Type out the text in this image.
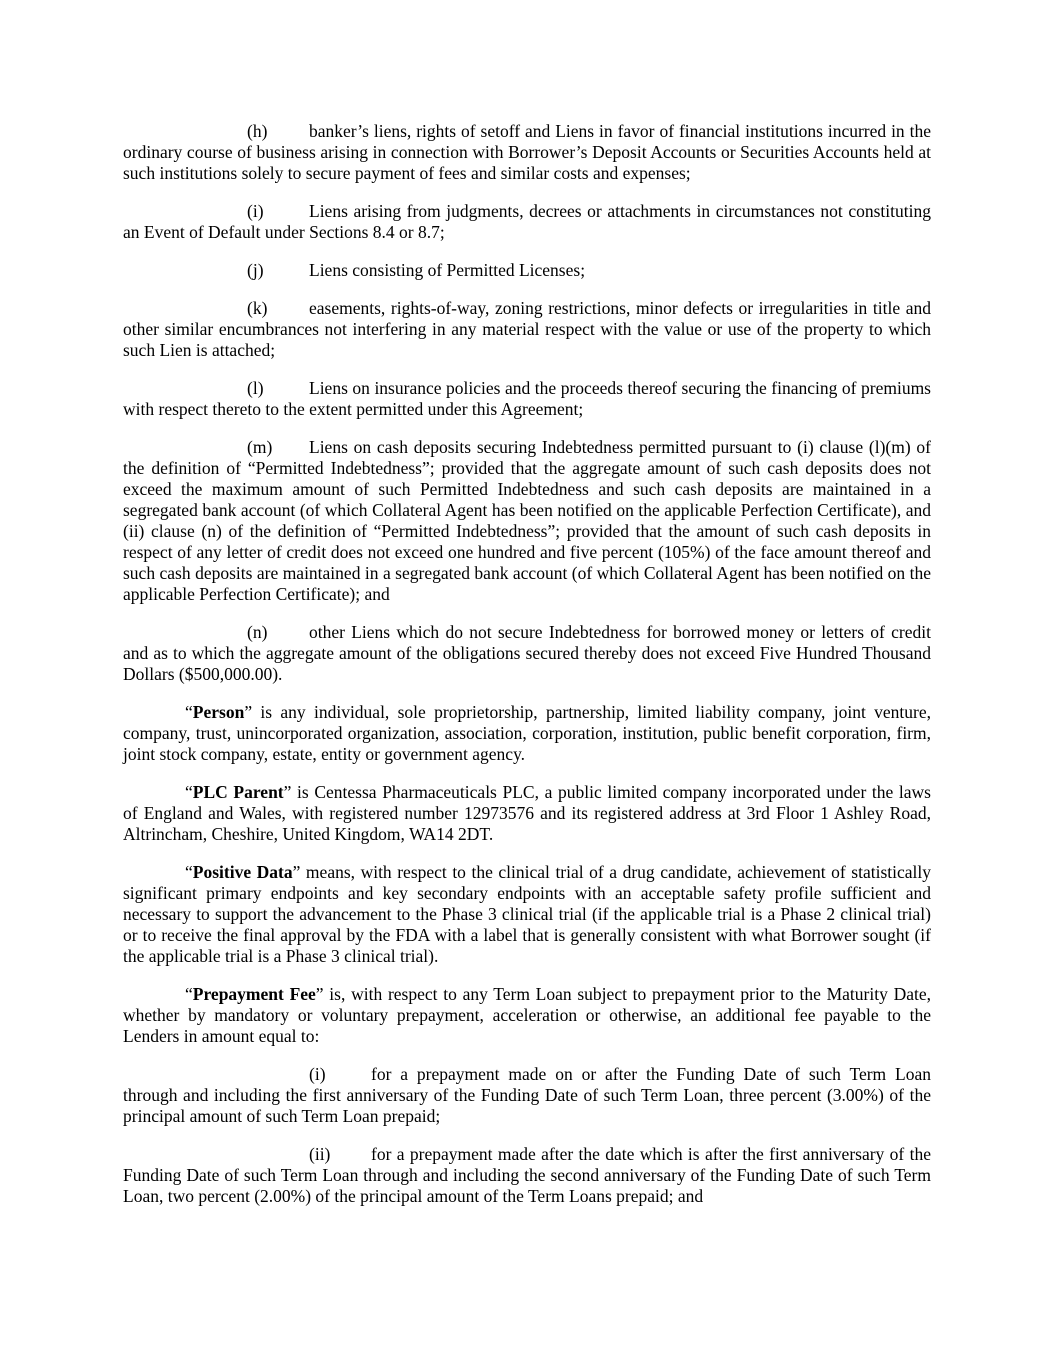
(h) banker’s liens, rights of setoff and Liens in favor of financial institutions incurred in the ordinary course of business arising in connection with Borrower’s Deposit Accounts or Securities Accounts held at such institutions solely to secure payment of fees and similar costs and expenses;

(i)	Liens arising from judgments, decrees or attachments in circumstances not constituting an Event of Default under Sections 8.4 or 8.7;

(j)	Liens consisting of Permitted Licenses;

(k) easements, rights-of-way, zoning restrictions, minor defects or irregularities in title and other similar encumbrances not interfering in any material respect with the value or use of the property to which such Lien is attached;

(l)	Liens on insurance policies and the proceeds thereof securing the financing of premiums with respect thereto to the extent permitted under this Agreement;

(m) Liens on cash deposits securing Indebtedness permitted pursuant to (i) clause (l)(m) of the definition of “Permitted Indebtedness”; provided that the aggregate amount of such cash deposits does not exceed the maximum amount of such Permitted Indebtedness and such cash deposits are maintained in a segregated bank account (of which Collateral Agent has been notified on the applicable Perfection Certificate), and (ii) clause (n) of the definition of “Permitted Indebtedness”; provided that the amount of such cash deposits in respect of any letter of credit does not exceed one hundred and five percent (105%) of the face amount thereof and such cash deposits are maintained in a segregated bank account (of which Collateral Agent has been notified on the applicable Perfection Certificate); and

(n) other Liens which do not secure Indebtedness for borrowed money or letters of credit and as to which the aggregate amount of the obligations secured thereby does not exceed Five Hundred Thousand Dollars ($500,000.00).

“Person” is any individual, sole proprietorship, partnership, limited liability company, joint venture, company, trust, unincorporated organization, association, corporation, institution, public benefit corporation, firm, joint stock company, estate, entity or government agency.

“PLC Parent” is Centessa Pharmaceuticals PLC, a public limited company incorporated under the laws of England and Wales, with registered number 12973576 and its registered address at 3rd Floor 1 Ashley Road, Altrincham, Cheshire, United Kingdom, WA14 2DT.

“Positive Data” means, with respect to the clinical trial of a drug candidate, achievement of statistically significant primary endpoints and key secondary endpoints with an acceptable safety profile sufficient and necessary to support the advancement to the Phase 3 clinical trial (if the applicable trial is a Phase 2 clinical trial) or to receive the final approval by the FDA with a label that is generally consistent with what Borrower sought (if the applicable trial is a Phase 3 clinical trial).

“Prepayment Fee” is, with respect to any Term Loan subject to prepayment prior to the Maturity Date, whether by mandatory or voluntary prepayment, acceleration or otherwise, an additional fee payable to the Lenders in amount equal to:

(i)	for a prepayment made on or after the Funding Date of such Term Loan through and including the first anniversary of the Funding Date of such Term Loan, three percent (3.00%) of the principal amount of such Term Loan prepaid;

(ii) for a prepayment made after the date which is after the first anniversary of the Funding Date of such Term Loan through and including the second anniversary of the Funding Date of such Term Loan, two percent (2.00%) of the principal amount of the Term Loans prepaid; and
